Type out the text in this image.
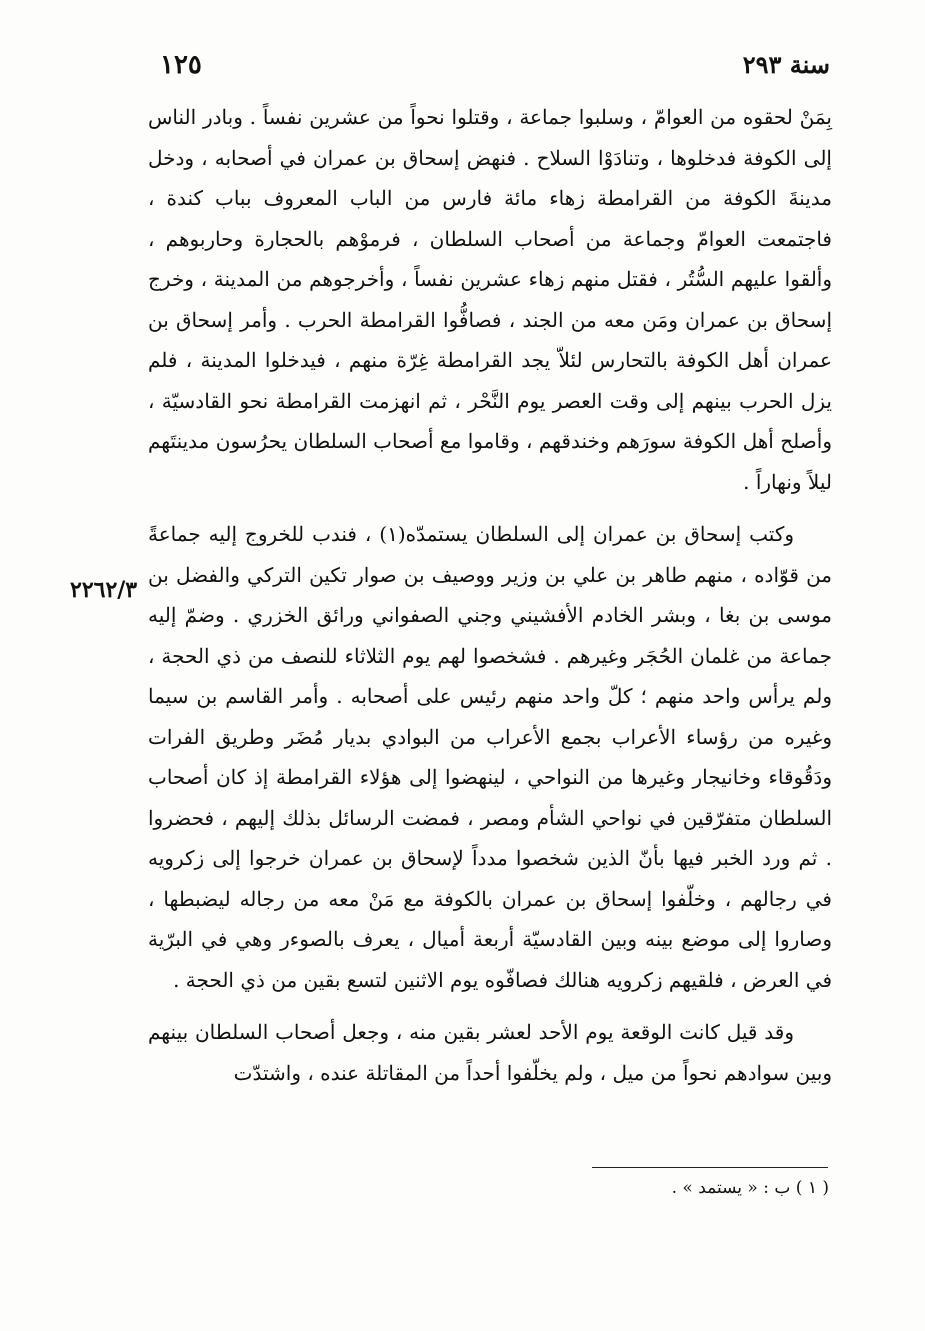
سنة ٢٩٣
١٢٥
٢٢٦٢/٣

بِمَنْ لحقوه من العوامّ ، وسلبوا جماعة ، وقتلوا نحواً من عشرين نفساً . وبادر الناس إلى الكوفة فدخلوها ، وتنادَوْا السلاح . فنهض إسحاق بن عمران في أصحابه ، ودخل مدينةَ الكوفة من القرامطة زهاء مائة فارس من الباب المعروف بباب كندة ، فاجتمعت العوامّ وجماعة من أصحاب السلطان ، فرموْهم بالحجارة وحاربوهم ، وألقوا عليهم السُّتُر ، فقتل منهم زهاء عشرين نفساً ، وأخرجوهم من المدينة ، وخرج إسحاق بن عمران ومَن معه من الجند ، فصافُّوا القرامطة الحرب . وأمر إسحاق بن عمران أهل الكوفة بالتحارس لئلاّ يجد القرامطة غِرّة منهم ، فيدخلوا المدينة ، فلم يزل الحرب بينهم إلى وقت العصر يوم النَّحْر ، ثم انهزمت القرامطة نحو القادسيّة ، وأصلح أهل الكوفة سورَهم وخندقهم ، وقاموا مع أصحاب السلطان يحرُسون مدينتَهم ليلاً ونهاراً .

وكتب إسحاق بن عمران إلى السلطان يستمدّه(١) ، فندب للخروج إليه جماعةً من قوّاده ، منهم طاهر بن علي بن وزير ووصيف بن صوار تكين التركي والفضل بن موسى بن بغا ، وبشر الخادم الأفشيني وجني الصفواني ورائق الخزري . وضمّ إليه جماعة من غلمان الحُجَر وغيرهم . فشخصوا لهم يوم الثلاثاء للنصف من ذي الحجة ، ولم يرأس واحد منهم ؛ كلّ واحد منهم رئيس على أصحابه . وأمر القاسم بن سيما وغيره من رؤساء الأعراب بجمع الأعراب من البوادي بديار مُضَر وطريق الفرات ودَقُوقاء وخانيجار وغيرها من النواحي ، لينهضوا إلى هؤلاء القرامطة إذ كان أصحاب السلطان متفرّقين في نواحي الشأم ومصر ، فمضت الرسائل بذلك إليهم ، فحضروا . ثم ورد الخبر فيها بأنّ الذين شخصوا مدداً لإسحاق بن عمران خرجوا إلى زكرويه في رجالهم ، وخلّفوا إسحاق بن عمران بالكوفة مع مَنْ معه من رجاله ليضبطها ، وصاروا إلى موضع بينه وبين القادسيّة أربعة أميال ، يعرف بالصوءر وهي في البرّية في العرض ، فلقيهم زكرويه هنالك فصافّوه يوم الاثنين لتسع بقين من ذي الحجة .

وقد قيل كانت الوقعة يوم الأحد لعشر بقين منه ، وجعل أصحاب السلطان بينهم وبين سوادهم نحواً من ميل ، ولم يخلّفوا أحداً من المقاتلة عنده ، واشتدّت

( ١ ) ب : « يستمد » .
